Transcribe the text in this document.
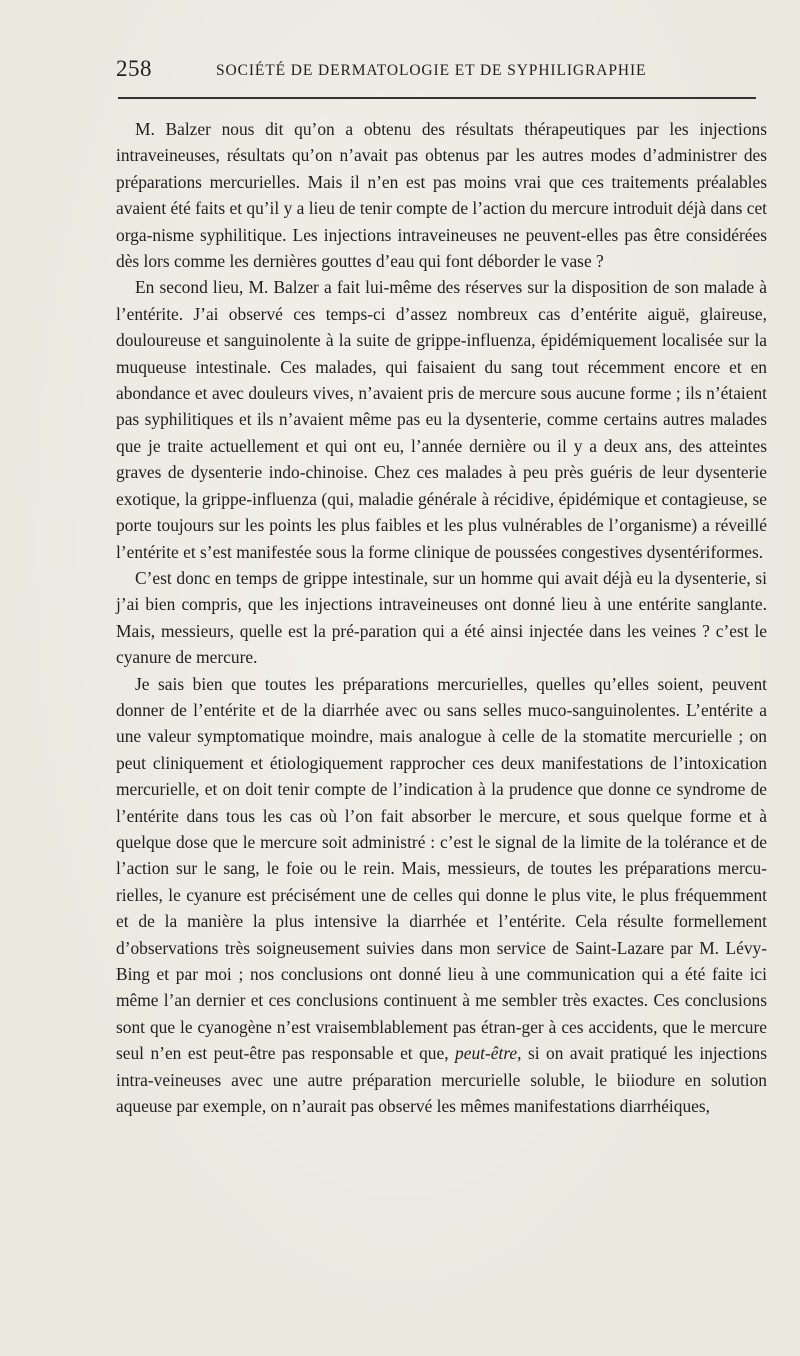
258	SOCIÉTÉ DE DERMATOLOGIE ET DE SYPHILIGRAPHIE

M. Balzer nous dit qu’on a obtenu des résultats thérapeutiques par les injections intraveineuses, résultats qu’on n’avait pas obtenus par les autres modes d’administrer des préparations mercurielles. Mais il n’en est pas moins vrai que ces traitements préalables avaient été faits et qu’il y a lieu de tenir compte de l’action du mercure introduit déjà dans cet orga-nisme syphilitique. Les injections intraveineuses ne peuvent-elles pas être considérées dès lors comme les dernières gouttes d’eau qui font déborder le vase ?

En second lieu, M. Balzer a fait lui-même des réserves sur la disposition de son malade à l’entérite. J’ai observé ces temps-ci d’assez nombreux cas d’entérite aiguë, glaireuse, douloureuse et sanguinolente à la suite de grippe-influenza, épidémiquement localisée sur la muqueuse intestinale. Ces malades, qui faisaient du sang tout récemment encore et en abondance et avec douleurs vives, n’avaient pris de mercure sous aucune forme ; ils n’étaient pas syphilitiques et ils n’avaient même pas eu la dysenterie, comme certains autres malades que je traite actuellement et qui ont eu, l’année dernière ou il y a deux ans, des atteintes graves de dysenterie indo-chinoise. Chez ces malades à peu près guéris de leur dysenterie exotique, la grippe-influenza (qui, maladie générale à récidive, épidémique et contagieuse, se porte toujours sur les points les plus faibles et les plus vulnérables de l’organisme) a réveillé l’entérite et s’est manifestée sous la forme clinique de poussées congestives dysentériformes.

C’est donc en temps de grippe intestinale, sur un homme qui avait déjà eu la dysenterie, si j’ai bien compris, que les injections intraveineuses ont donné lieu à une entérite sanglante. Mais, messieurs, quelle est la pré-paration qui a été ainsi injectée dans les veines ? c’est le cyanure de mercure.

Je sais bien que toutes les préparations mercurielles, quelles qu’elles soient, peuvent donner de l’entérite et de la diarrhée avec ou sans selles muco-sanguinolentes. L’entérite a une valeur symptomatique moindre, mais analogue à celle de la stomatite mercurielle ; on peut cliniquement et étiologiquement rapprocher ces deux manifestations de l’intoxication mercurielle, et on doit tenir compte de l’indication à la prudence que donne ce syndrome de l’entérite dans tous les cas où l’on fait absorber le mercure, et sous quelque forme et à quelque dose que le mercure soit administré : c’est le signal de la limite de la tolérance et de l’action sur le sang, le foie ou le rein. Mais, messieurs, de toutes les préparations mercu-rielles, le cyanure est précisément une de celles qui donne le plus vite, le plus fréquemment et de la manière la plus intensive la diarrhée et l’entérite. Cela résulte formellement d’observations très soigneusement suivies dans mon service de Saint-Lazare par M. Lévy-Bing et par moi ; nos conclusions ont donné lieu à une communication qui a été faite ici même l’an dernier et ces conclusions continuent à me sembler très exactes. Ces conclusions sont que le cyanogène n’est vraisemblablement pas étran-ger à ces accidents, que le mercure seul n’en est peut-être pas responsable et que, peut-être, si on avait pratiqué les injections intra-veineuses avec une autre préparation mercurielle soluble, le biiodure en solution aqueuse par exemple, on n’aurait pas observé les mêmes manifestations diarrhéiques,
